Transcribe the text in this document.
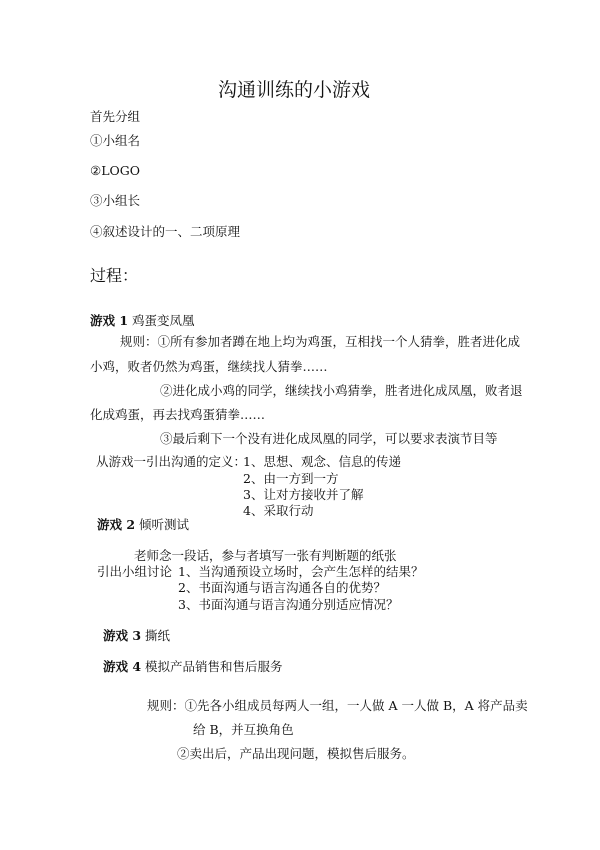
沟通训练的小游戏
首先分组
①小组名
②LOGO
③小组长
④叙述设计的一、二项原理
过程：
游戏 1 鸡蛋变凤凰
规则：①所有参加者蹲在地上均为鸡蛋，互相找一个人猜拳，胜者进化成
小鸡，败者仍然为鸡蛋，继续找人猜拳……
②进化成小鸡的同学，继续找小鸡猜拳，胜者进化成凤凰，败者退
化成鸡蛋，再去找鸡蛋猜拳……
③最后剩下一个没有进化成凤凰的同学，可以要求表演节目等
从游戏一引出沟通的定义：
1、思想、观念、信息的传递
2、由一方到一方
3、让对方接收并了解
4、采取行动
游戏 2 倾听测试
老师念一段话，参与者填写一张有判断题的纸张
引出小组讨论 1、当沟通预设立场时，会产生怎样的结果？
2、书面沟通与语言沟通各自的优势？
3、书面沟通与语言沟通分别适应情况？
游戏 3 撕纸
游戏 4 模拟产品销售和售后服务
规则：①先各小组成员每两人一组，一人做 A 一人做 B，A 将产品卖
给 B，并互换角色
②卖出后，产品出现问题，模拟售后服务。
